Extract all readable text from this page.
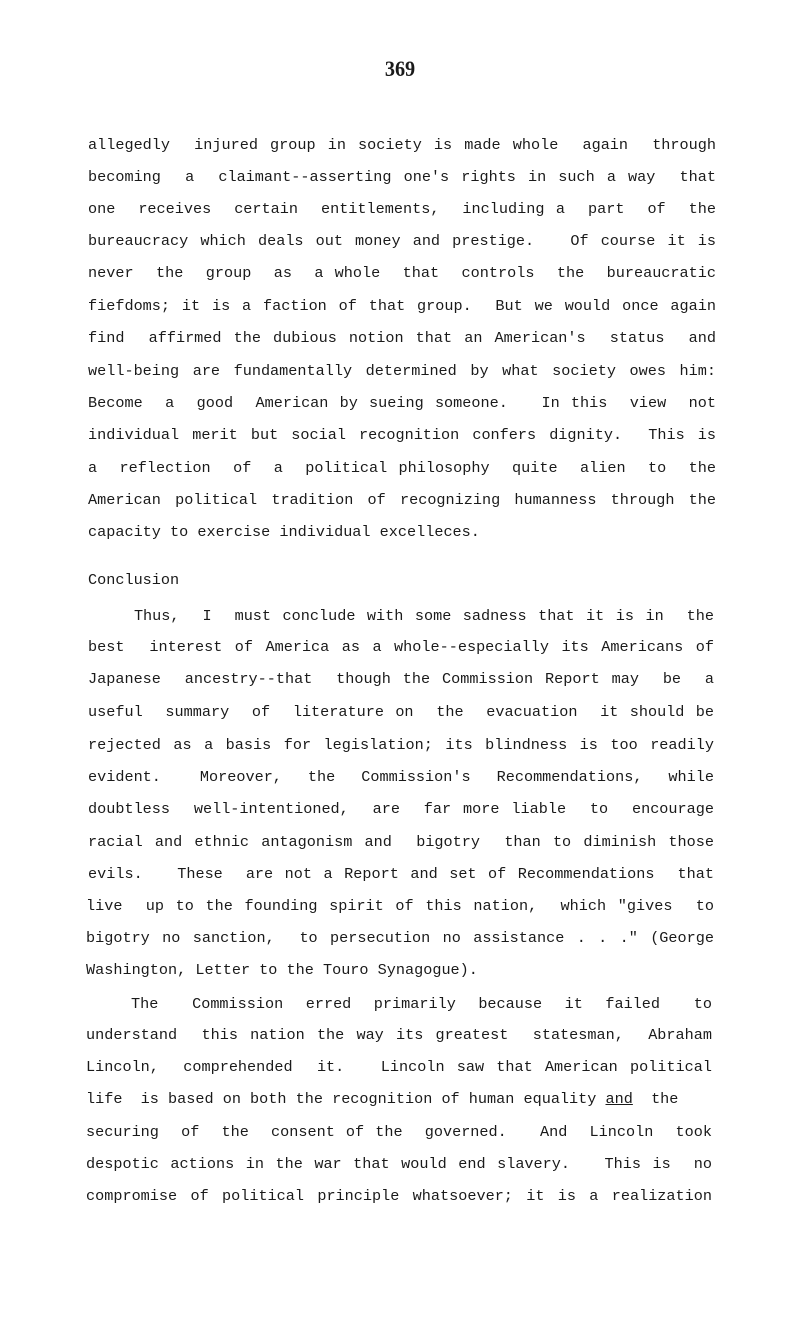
369
allegedly  injured group in society is made whole  again  through
becoming  a  claimant--asserting one's rights in such a way  that
one  receives  certain  entitlements,  including a  part  of  the
bureaucracy which deals out money and prestige.   Of course it is
never  the  group  as  a whole  that  controls  the  bureaucratic
fiefdoms; it is a faction of that group.  But we would once again
find  affirmed the dubious notion that an American's  status  and
well-being are fundamentally determined by what society owes him:
Become  a  good  American by sueing someone.   In this  view  not
individual merit but social recognition confers dignity.  This is
a  reflection  of  a  political philosophy  quite  alien  to  the
American political tradition of recognizing humanness through the
capacity to exercise individual excelleces.
Conclusion
Thus,  I  must conclude with some sadness that it is in  the
best  interest of America as a whole--especially its Americans of
Japanese  ancestry--that  though the Commission Report may  be  a
useful  summary  of  literature on  the  evacuation  it should be
rejected as a basis for legislation; its blindness is too readily
evident.   Moreover,  the  Commission's  Recommendations,  while
doubtless  well-intentioned,  are  far more liable  to  encourage
racial and ethnic antagonism and  bigotry  than to diminish those
evils.   These  are not a Report and set of Recommendations  that
live  up to the founding spirit of this nation,  which "gives  to
bigotry no sanction,  to persecution no assistance . . ." (George
Washington, Letter to the Touro Synagogue).
The   Commission  erred  primarily  because  it  failed   to
understand  this nation the way its greatest  statesman,  Abraham
Lincoln,  comprehended  it.   Lincoln saw that American political
life  is based on both the recognition of human equality and  the
securing  of  the  consent of the  governed.   And  Lincoln  took
despotic actions in the war that would end slavery.   This is  no
compromise of political principle whatsoever; it is a realization
